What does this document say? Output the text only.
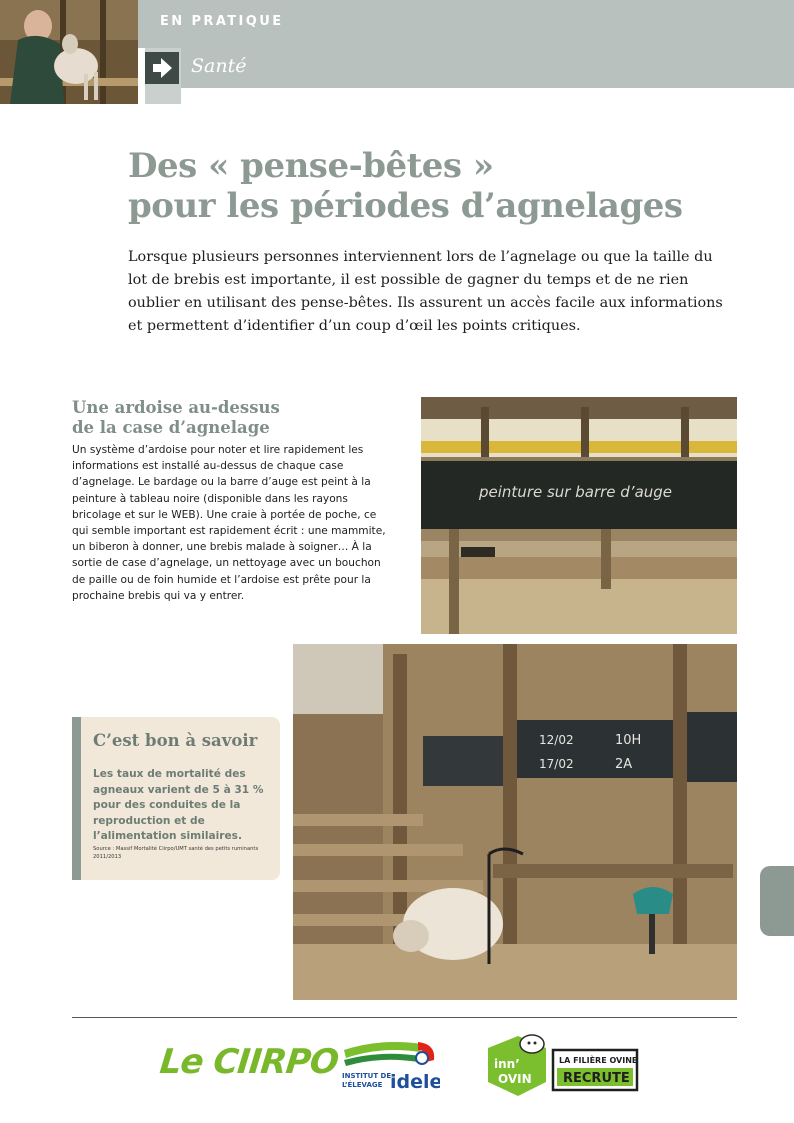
EN PRATIQUE
Santé
Des « pense-bêtes »
pour les périodes d’agnelages

Lorsque plusieurs personnes interviennent lors de l’agnelage ou que la taille du lot de brebis est importante, il est possible de gagner du temps et de ne rien oublier en utilisant des pense-bêtes. Ils assurent un accès facile aux informations et permettent d’identifier d’un coup d’œil les points critiques.

Une ardoise au-dessus
de la case d’agnelage

Un système d’ardoise pour noter et lire rapidement les informations est installé au-dessus de chaque case d’agnelage. Le bardage ou la barre d’auge est peint à la peinture à tableau noire (disponible dans les rayons bricolage et sur le WEB). Une craie à portée de poche, ce qui semble important est rapidement écrit : une mammite, un biberon à donner, une brebis malade à soigner… À la sortie de case d’agnelage, un nettoyage avec un bouchon de paille ou de foin humide et l’ardoise est prête pour la prochaine brebis qui va y entrer.

peinture sur barre d’auge
12/02	10H
17/02	2A
C’est bon à savoir
Les taux de mortalité des agneaux varient de 5 à 31 % pour des conduites de la reproduction et de l’alimentation similaires.
Source : Massif Mortalité Ciirpo/UMT santé des petits ruminants 2011/2013
Le CIIRPO INSTITUT DE
L’ÉLEVAGE idele
inn’
OVIN
LA FILIÈRE OVINE
RECRUTE
